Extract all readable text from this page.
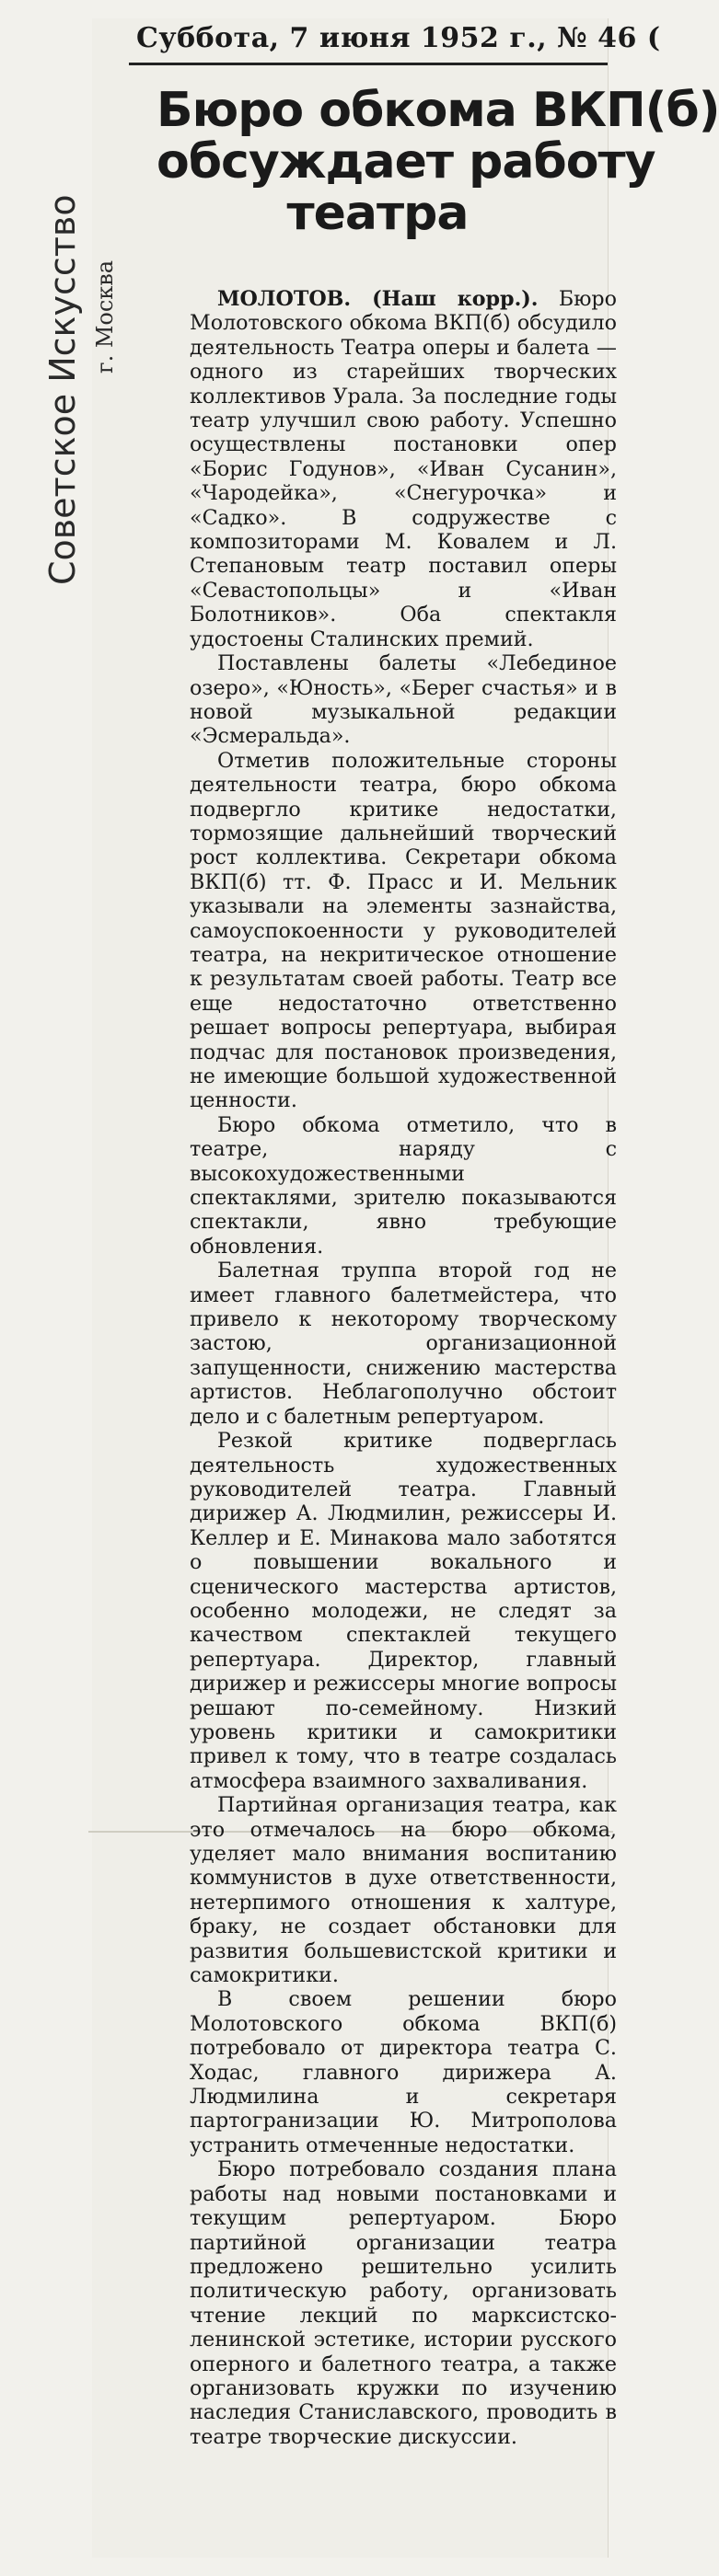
Суббота, 7 июня 1952 г., № 46 (
Советское Искусство г. Москва
Бюро обкома ВКП(б)
обсуждает работу
театра

МОЛОТОВ. (Наш корр.). Бюро Молотовского обкома ВКП(б) обсудило деятельность Театра оперы и балета — одного из старейших творческих коллективов Урала. За последние годы театр улучшил свою работу. Успешно осуществлены постановки опер «Борис Годунов», «Иван Сусанин», «Чародейка», «Снегурочка» и «Садко». В содружестве с композиторами М. Ковалем и Л. Степановым театр поставил оперы «Севастопольцы» и «Иван Болотников». Оба спектакля удостоены Сталинских премий.

Поставлены балеты «Лебединое озеро», «Юность», «Берег счастья» и в новой музыкальной редакции «Эсмеральда».

Отметив положительные стороны деятельности театра, бюро обкома подвергло критике недостатки, тормозящие дальнейший творческий рост коллектива. Секретари обкома ВКП(б) тт. Ф. Прасс и И. Мельник указывали на элементы зазнайства, самоуспокоенности у руководителей театра, на некритическое отношение к результатам своей работы. Театр все еще недостаточно ответственно решает вопросы репертуара, выбирая подчас для постановок произведения, не имеющие большой художественной ценности.

Бюро обкома отметило, что в театре, наряду с высокохудожественными спектаклями, зрителю показываются спектакли, явно требующие обновления.

Балетная труппа второй год не имеет главного балетмейстера, что привело к некоторому творческому застою, организационной запущенности, снижению мастерства артистов. Неблагополучно обстоит дело и с балетным репертуаром.

Резкой критике подверглась деятельность художественных руководителей театра. Главный дирижер А. Людмилин, режиссеры И. Келлер и Е. Минакова мало заботятся о повышении вокального и сценического мастерства артистов, особенно молодежи, не следят за качеством спектаклей текущего репертуара. Директор, главный дирижер и режиссеры многие вопросы решают по-семейному. Низкий уровень критики и самокритики привел к тому, что в театре создалась атмосфера взаимного захваливания.

Партийная организация театра, как это отмечалось на бюро обкома, уделяет мало внимания воспитанию коммунистов в духе ответственности, нетерпимого отношения к халтуре, браку, не создает обстановки для развития большевистской критики и самокритики.

В своем решении бюро Молотовского обкома ВКП(б) потребовало от директора театра С. Ходас, главного дирижера А. Людмилина и секретаря партогранизации Ю. Митрополова устранить отмеченные недостатки.

Бюро потребовало создания плана работы над новыми постановками и текущим репертуаром. Бюро партийной организации театра предложено решительно усилить политическую работу, организовать чтение лекций по марксистско-ленинской эстетике, истории русского оперного и балетного театра, а также организовать кружки по изучению наследия Станиславского, проводить в театре творческие дискуссии.
